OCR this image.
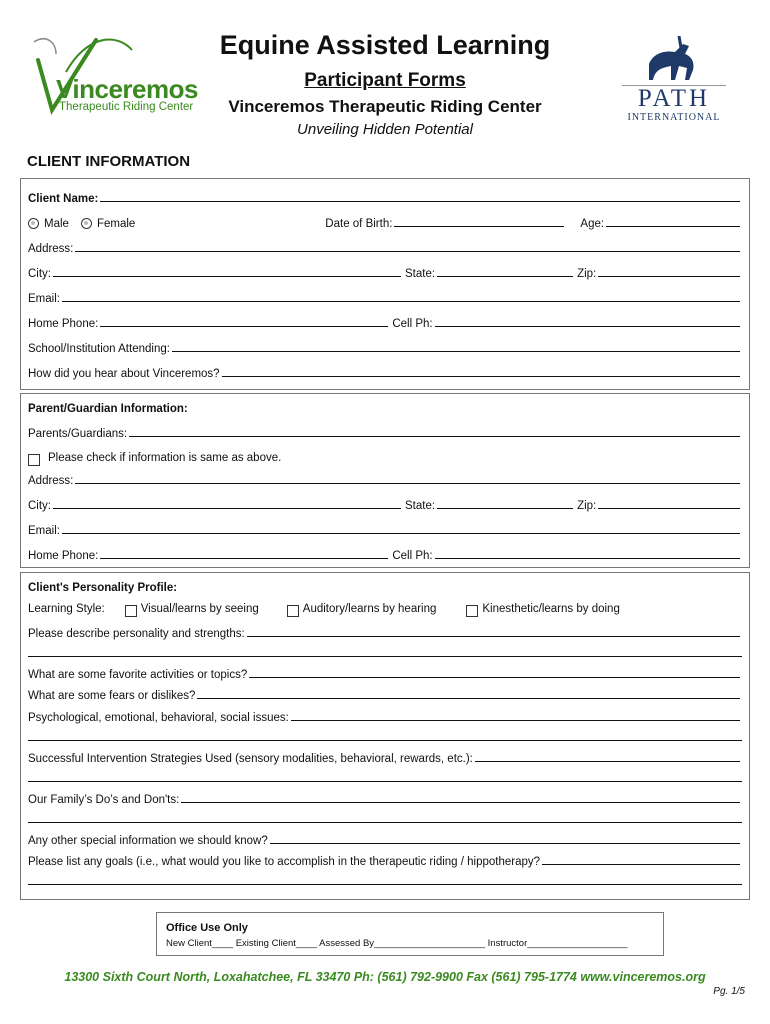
Vinceremos
Therapeutic Riding Center	PATH
INTERNATIONAL
Equine Assisted Learning
Participant Forms
Vinceremos Therapeutic Riding Center
Unveiling Hidden Potential
CLIENT INFORMATION
Client Name:
Male	Female	Date of Birth:	Age:
Address:
City:	State:	Zip:
Email:
Home Phone:	Cell Ph:
School/Institution Attending:
How did you hear about Vinceremos?
Parent/Guardian Information:
Parents/Guardians:
Please check if information is same as above.
Address:
City:	State:	Zip:
Email:
Home Phone:	Cell Ph:
Client's Personality Profile:
Learning Style:	Visual/learns by seeing	Auditory/learns by hearing	Kinesthetic/learns by doing
Please describe personality and strengths:
What are some favorite activities or topics?
What are some fears or dislikes?
Psychological, emotional, behavioral, social issues:
Successful Intervention Strategies Used (sensory modalities, behavioral, rewards, etc.):
Our Family’s Do’s and Don'ts:
Any other special information we should know?
Please list any goals (i.e., what would you like to accomplish in the therapeutic riding / hippotherapy?
Office Use Only
New Client____ Existing Client____ Assessed By_____________________ Instructor___________________
13300 Sixth Court North, Loxahatchee, FL 33470 Ph: (561) 792-9900 Fax (561) 795-1774 www.vinceremos.org
Pg. 1/5
